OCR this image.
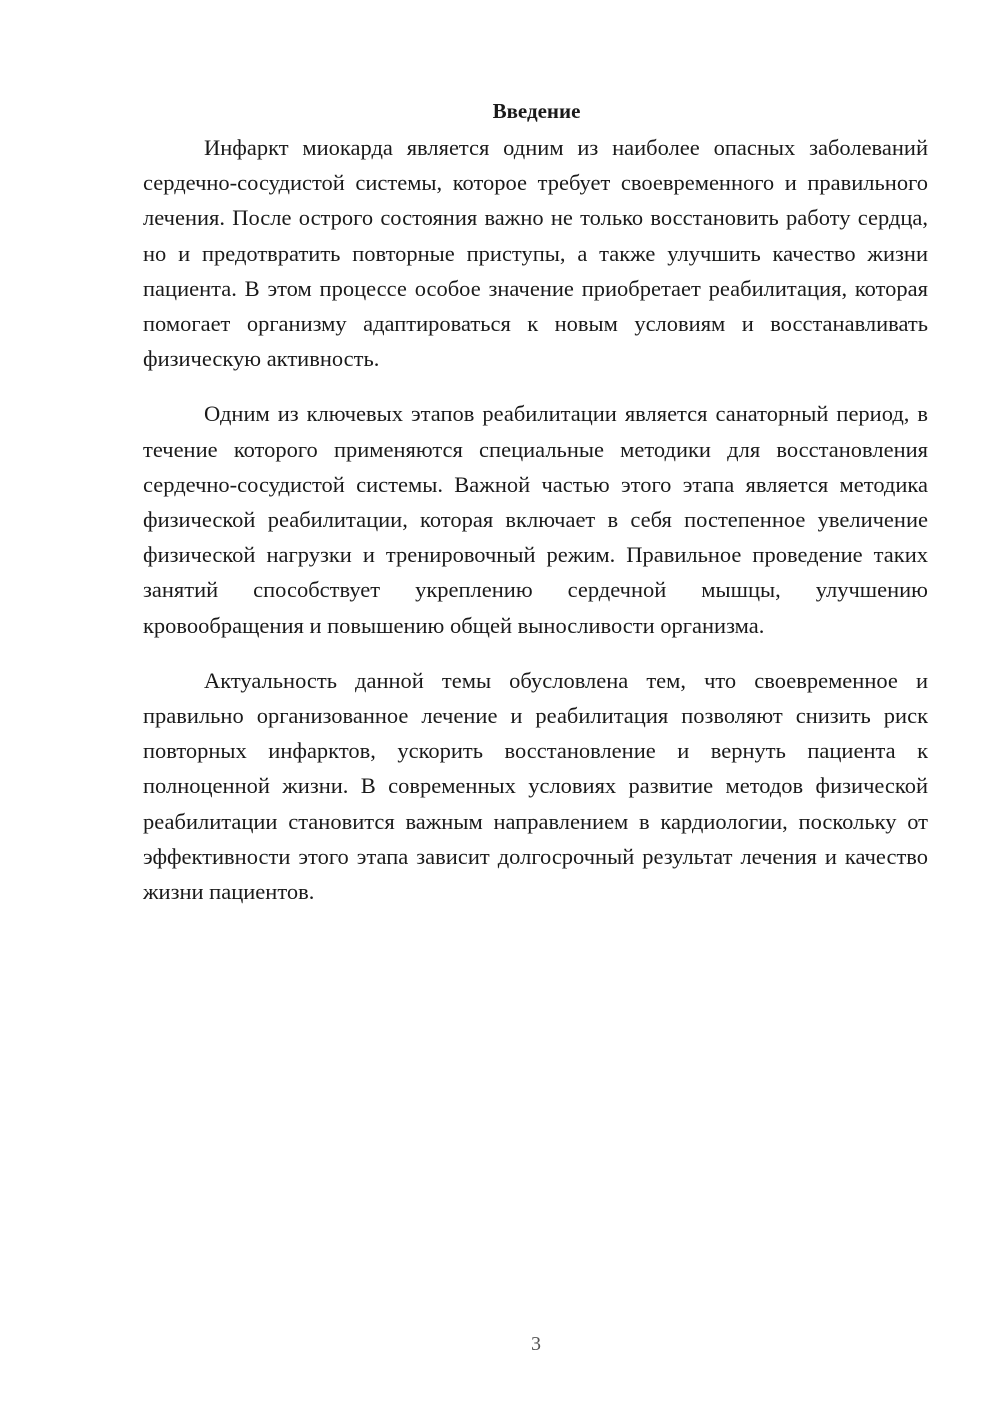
Введение

Инфаркт миокарда является одним из наиболее опасных заболеваний сердечно-сосудистой системы, которое требует своевременного и правильного лечения. После острого состояния важно не только восстановить работу сердца, но и предотвратить повторные приступы, а также улучшить качество жизни пациента. В этом процессе особое значение приобретает реабилитация, которая помогает организму адаптироваться к новым условиям и восстанавливать физическую активность.

Одним из ключевых этапов реабилитации является санаторный период, в течение которого применяются специальные методики для восстановления сердечно-сосудистой системы. Важной частью этого этапа является методика физической реабилитации, которая включает в себя постепенное увеличение физической нагрузки и тренировочный режим. Правильное проведение таких занятий способствует укреплению сердечной мышцы, улучшению кровообращения и повышению общей выносливости организма.

Актуальность данной темы обусловлена тем, что своевременное и правильно организованное лечение и реабилитация позволяют снизить риск повторных инфарктов, ускорить восстановление и вернуть пациента к полноценной жизни. В современных условиях развитие методов физической реабилитации становится важным направлением в кардиологии, поскольку от эффективности этого этапа зависит долгосрочный результат лечения и качество жизни пациентов.

3
